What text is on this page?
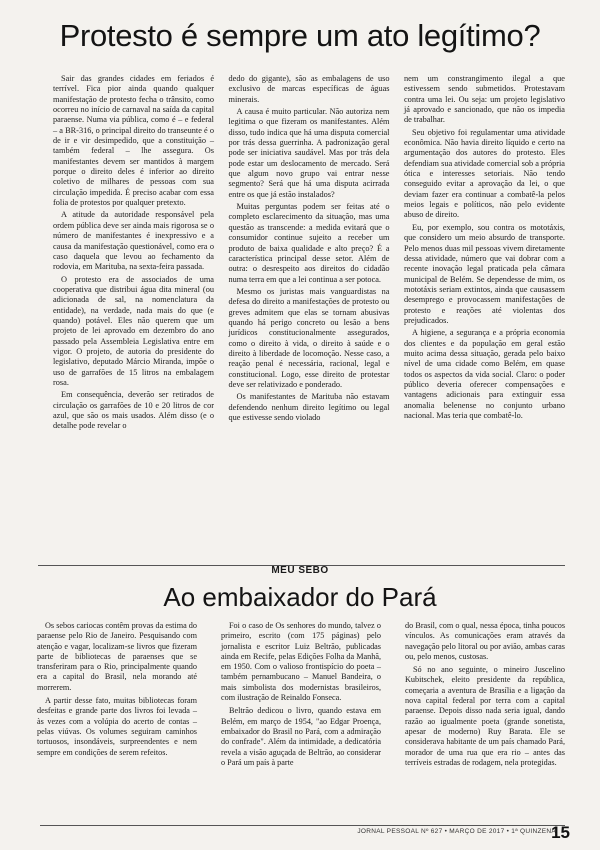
Protesto é sempre um ato legítimo?

Sair das grandes cidades em feriados é terrível. Fica pior ainda quando qualquer manifestação de protesto fecha o trânsito, como ocorreu no início de carnaval na saída da capital paraense. Numa via pública, como é – e federal – a BR-316, o principal direito do transeunte é o de ir e vir desimpedido, que a constituição – também federal – lhe assegura. Os manifestantes devem ser mantidos à margem porque o direito deles é inferior ao direito coletivo de milhares de pessoas com sua circulação impedida. É preciso acabar com essa folia de protestos por qualquer pretexto.

A atitude da autoridade responsável pela ordem pública deve ser ainda mais rigorosa se o número de manifestantes é inexpressivo e a causa da manifestação questionável, como era o caso daquela que levou ao fechamento da rodovia, em Marituba, na sexta-feira passada.

O protesto era de associados de uma cooperativa que distribui água dita mineral (ou adicionada de sal, na nomenclatura da entidade), na verdade, nada mais do que (e quando) potável. Eles não querem que um projeto de lei aprovado em dezembro do ano passado pela Assembleia Legislativa entre em vigor. O projeto, de autoria do presidente do legislativo, deputado Márcio Miranda, impõe o uso de garrafões de 15 litros na embalagem rosa.

Em consequência, deverão ser retirados de circulação os garrafões de 10 e 20 litros de cor azul, que são os mais usados. Além disso (e o detalhe pode revelar o

dedo do gigante), são as embalagens de uso exclusivo de marcas específicas de águas minerais.

A causa é muito particular. Não autoriza nem legitima o que fizeram os manifestantes. Além disso, tudo indica que há uma disputa comercial por trás dessa guerrinha. A padronização geral pode ser iniciativa saudável. Mas por trás dela pode estar um deslocamento de mercado. Será que algum novo grupo vai entrar nesse segmento? Será que há uma disputa acirrada entre os que já estão instalados?

Muitas perguntas podem ser feitas até o completo esclarecimento da situação, mas uma questão as transcende: a medida evitará que o consumidor continue sujeito a receber um produto de baixa qualidade e alto preço? É a característica principal desse setor. Além de outra: o desrespeito aos direitos do cidadão numa terra em que a lei continua a ser potoca.

Mesmo os juristas mais vanguardistas na defesa do direito a manifestações de protesto ou greves admitem que elas se tornam abusivas quando há perigo concreto ou lesão a bens jurídicos constitucionalmente assegurados, como o direito à vida, o direito à saúde e o direito à liberdade de locomoção. Nesse caso, a reação penal é necessária, racional, legal e constitucional. Logo, esse direito de protestar deve ser relativizado e ponderado.

Os manifestantes de Marituba não estavam defendendo nenhum direito legítimo ou legal que estivesse sendo violado

nem um constrangimento ilegal a que estivessem sendo submetidos. Protestavam contra uma lei. Ou seja: um projeto legislativo já aprovado e sancionado, que não os impedia de trabalhar.

Seu objetivo foi regulamentar uma atividade econômica. Não havia direito líquido e certo na argumentação dos autores do protesto. Eles defendiam sua atividade comercial sob a própria ótica e interesses setoriais. Não tendo conseguido evitar a aprovação da lei, o que deviam fazer era continuar a combatê-la pelos meios legais e políticos, não pelo evidente abuso de direito.

Eu, por exemplo, sou contra os mototáxis, que considero um meio absurdo de transporte. Pelo menos duas mil pessoas vivem diretamente dessa atividade, número que vai dobrar com a recente inovação legal praticada pela câmara municipal de Belém. Se dependesse de mim, os mototáxis seriam extintos, ainda que causassem desemprego e provocassem manifestações de protesto e reações até violentas dos prejudicados.

A higiene, a segurança e a própria economia dos clientes e da população em geral estão muito acima dessa situação, gerada pelo baixo nível de uma cidade como Belém, em quase todos os aspectos da vida social. Claro: o poder público deveria oferecer compensações e vantagens adicionais para extinguir essa anomalia belenense no conjunto urbano nacional. Mas teria que combatê-lo.

MEU SEBO
Ao embaixador do Pará

Os sebos cariocas contêm provas da estima do paraense pelo Rio de Janeiro. Pesquisando com atenção e vagar, localizam-se livros que fizeram parte de bibliotecas de paraenses que se transferiram para o Rio, principalmente quando era a capital do Brasil, nela morando até morrerem.

A partir desse fato, muitas bibliotecas foram desfeitas e grande parte dos livros foi levada – às vezes com a volúpia do acerto de contas – pelas viúvas. Os volumes seguiram caminhos tortuosos, insondáveis, surpreendentes e nem sempre em condições de serem refeitos.

Foi o caso de Os senhores do mundo, talvez o primeiro, escrito (com 175 páginas) pelo jornalista e escritor Luiz Beltrão, publicadas ainda em Recife, pelas Edições Folha da Manhã, em 1950. Com o valioso frontispício do poeta – também pernambucano – Manuel Bandeira, o mais simbolista dos modernistas brasileiros, com ilustração de Reinaldo Fonseca.

Beltrão dedicou o livro, quando estava em Belém, em março de 1954, "ao Edgar Proença, embaixador do Brasil no Pará, com a admiração do confrade". Além da intimidade, a dedicatória revela a visão aguçada de Beltrão, ao considerar o Pará um país à parte

do Brasil, com o qual, nessa época, tinha poucos vínculos. As comunicações eram através da navegação pelo litoral ou por avião, ambas caras ou, pelo menos, custosas.

Só no ano seguinte, o mineiro Juscelino Kubitschek, eleito presidente da república, começaria a aventura de Brasília e a ligação da nova capital federal por terra com a capital paraense. Depois disso nada seria igual, dando razão ao igualmente poeta (grande sonetista, apesar de moderno) Ruy Barata. Ele se considerava habitante de um país chamado Pará, morador de uma rua que era rio – antes das terríveis estradas de rodagem, nela protegidas.

JORNAL PESSOAL Nº 627 • MARÇO DE 2017 • 1ª QUINZENA
15
